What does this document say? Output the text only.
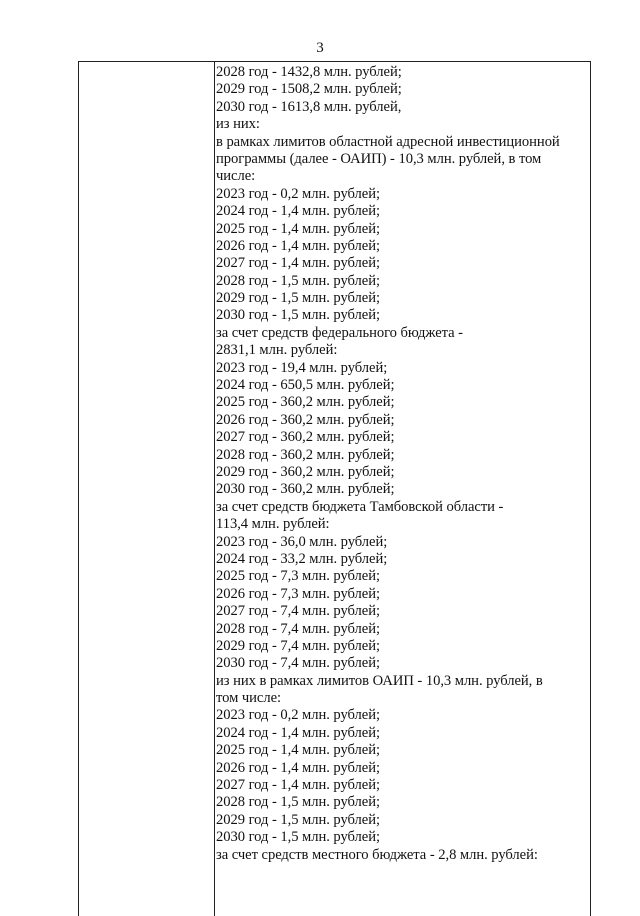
3
2028 год - 1432,8 млн. рублей;
2029 год - 1508,2 млн. рублей;
2030 год - 1613,8 млн. рублей,
из них:
в рамках лимитов областной адресной инвестиционной
программы (далее - ОАИП) - 10,3 млн. рублей, в том
числе:
2023 год - 0,2 млн. рублей;
2024 год - 1,4 млн. рублей;
2025 год - 1,4 млн. рублей;
2026 год - 1,4 млн. рублей;
2027 год - 1,4 млн. рублей;
2028 год - 1,5 млн. рублей;
2029 год - 1,5 млн. рублей;
2030 год - 1,5 млн. рублей;
за счет средств федерального бюджета -
2831,1 млн. рублей:
2023 год - 19,4 млн. рублей;
2024 год - 650,5 млн. рублей;
2025 год - 360,2 млн. рублей;
2026 год - 360,2 млн. рублей;
2027 год - 360,2 млн. рублей;
2028 год - 360,2 млн. рублей;
2029 год - 360,2 млн. рублей;
2030 год - 360,2 млн. рублей;
за счет средств бюджета Тамбовской области -
113,4 млн. рублей:
2023 год - 36,0 млн. рублей;
2024 год - 33,2 млн. рублей;
2025 год - 7,3 млн. рублей;
2026 год - 7,3 млн. рублей;
2027 год - 7,4 млн. рублей;
2028 год - 7,4 млн. рублей;
2029 год - 7,4 млн. рублей;
2030 год - 7,4 млн. рублей;
из них в рамках лимитов ОАИП - 10,3 млн. рублей, в
том числе:
2023 год - 0,2 млн. рублей;
2024 год - 1,4 млн. рублей;
2025 год - 1,4 млн. рублей;
2026 год - 1,4 млн. рублей;
2027 год - 1,4 млн. рублей;
2028 год - 1,5 млн. рублей;
2029 год - 1,5 млн. рублей;
2030 год - 1,5 млн. рублей;
за счет средств местного бюджета - 2,8 млн. рублей:
